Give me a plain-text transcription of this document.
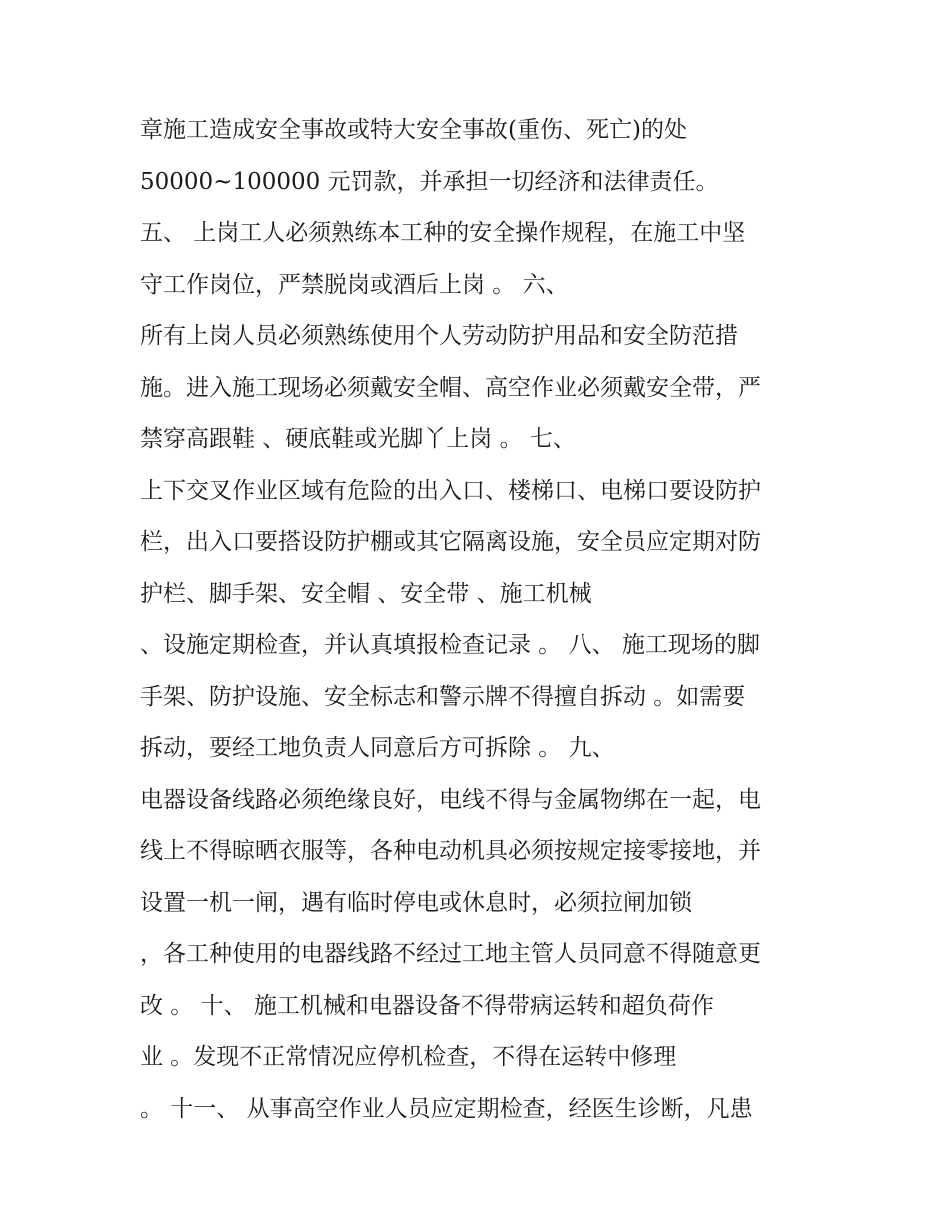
章施工造成安全事故或特大安全事故(重伤、死亡)的处
50000~100000 元罚款，并承担一切经济和法律责任。
五、 上岗工人必须熟练本工种的安全操作规程，在施工中坚
守工作岗位，严禁脱岗或酒后上岗 。 六、
所有上岗人员必须熟练使用个人劳动防护用品和安全防范措
施。进入施工现场必须戴安全帽、高空作业必须戴安全带，严
禁穿高跟鞋 、硬底鞋或光脚丫上岗 。 七、
上下交叉作业区域有危险的出入口、楼梯口、电梯口要设防护
栏，出入口要搭设防护棚或其它隔离设施，安全员应定期对防
护栏、脚手架、安全帽 、安全带 、施工机械
、设施定期检查，并认真填报检查记录 。 八、 施工现场的脚
手架、防护设施、安全标志和警示牌不得擅自拆动 。如需要
拆动，要经工地负责人同意后方可拆除 。 九、
电器设备线路必须绝缘良好，电线不得与金属物绑在一起，电
线上不得晾晒衣服等，各种电动机具必须按规定接零接地，并
设置一机一闸，遇有临时停电或休息时，必须拉闸加锁
，各工种使用的电器线路不经过工地主管人员同意不得随意更
改 。 十、 施工机械和电器设备不得带病运转和超负荷作
业 。发现不正常情况应停机检查，不得在运转中修理
。 十一、 从事高空作业人员应定期检查，经医生诊断，凡患
